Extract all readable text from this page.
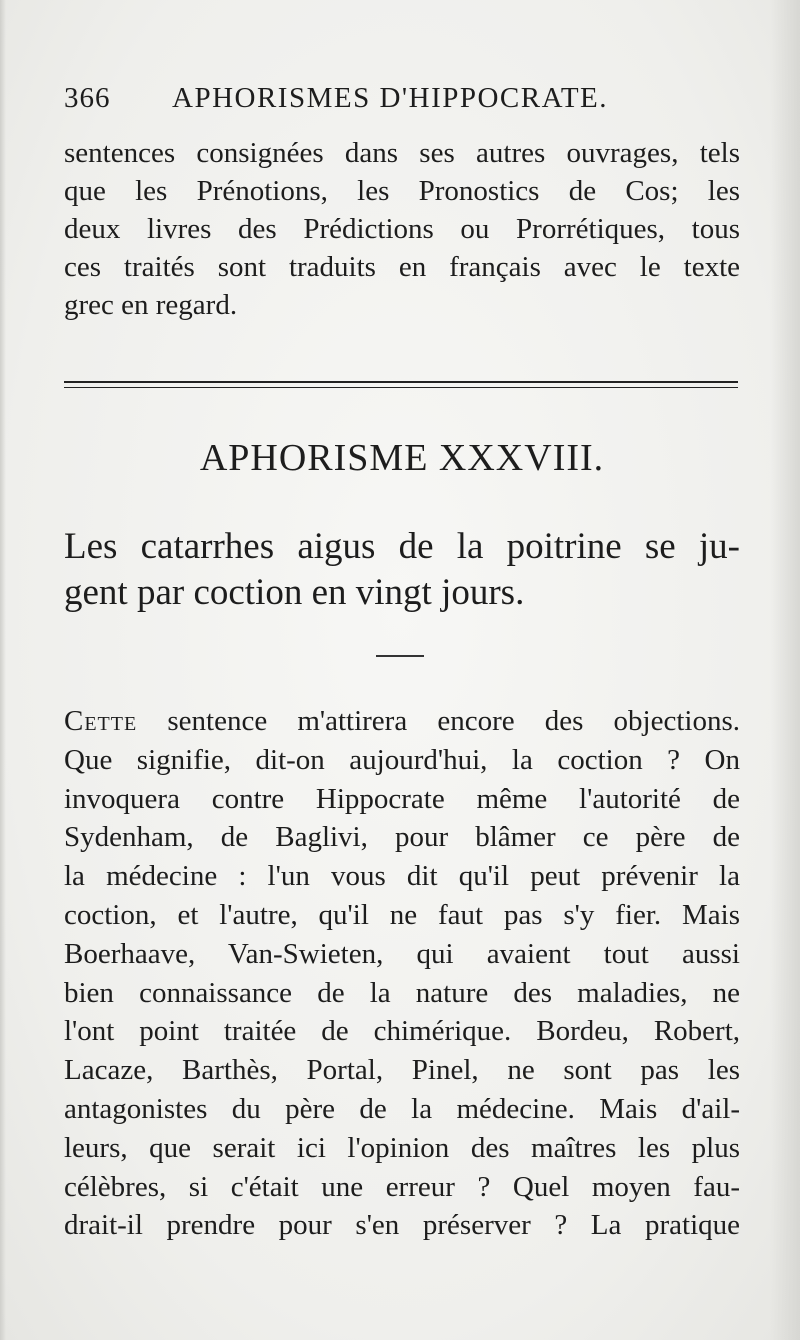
366 APHORISMES D'HIPPOCRATE.
sentences consignées dans ses autres ouvrages, tels
que les Prénotions, les Pronostics de Cos; les
deux livres des Prédictions ou Prorrétiques, tous
ces traités sont traduits en français avec le texte
grec en regard.
APHORISME XXXVIII.
Les catarrhes aigus de la poitrine se ju-
gent par coction en vingt jours.
Cette sentence m'attirera encore des objections.
Que signifie, dit-on aujourd'hui, la coction ? On
invoquera contre Hippocrate même l'autorité de
Sydenham, de Baglivi, pour blâmer ce père de
la médecine : l'un vous dit qu'il peut prévenir la
coction, et l'autre, qu'il ne faut pas s'y fier. Mais
Boerhaave, Van-Swieten, qui avaient tout aussi
bien connaissance de la nature des maladies, ne
l'ont point traitée de chimérique. Bordeu, Robert,
Lacaze, Barthès, Portal, Pinel, ne sont pas les
antagonistes du père de la médecine. Mais d'ail-
leurs, que serait ici l'opinion des maîtres les plus
célèbres, si c'était une erreur ? Quel moyen fau-
drait-il prendre pour s'en préserver ? La pratique
